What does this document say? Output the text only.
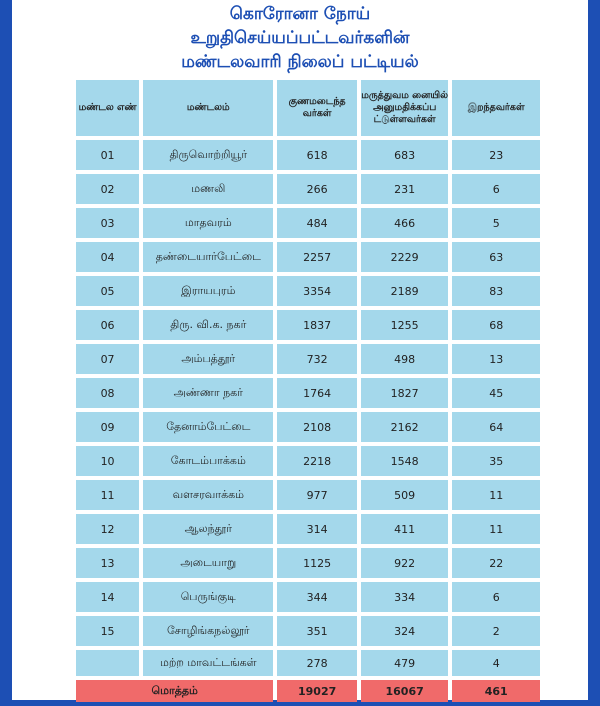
கொரோனா நோய்
உறுதிசெய்யப்பட்டவர்களின்
மண்டலவாரி நிலைப் பட்டியல்
மண்டல எண்	மண்டலம்	குணமடைந்த வர்கள்	மருத்துவம னையில் அனுமதிக்கப்ப ட்டுள்ளவர்கள்	இறந்தவர்கள்
01	திருவொற்றியூர்	618	683	23
02	மணலி	266	231	6
03	மாதவரம்	484	466	5
04	தண்டையார்பேட்டை	2257	2229	63
05	இராயபுரம்	3354	2189	83
06	திரு. வி.க. நகர்	1837	1255	68
07	அம்பத்தூர்	732	498	13
08	அண்ணா நகர்	1764	1827	45
09	தேனாம்பேட்டை	2108	2162	64
10	கோடம்பாக்கம்	2218	1548	35
11	வளசரவாக்கம்	977	509	11
12	ஆலந்தூர்	314	411	11
13	அடையாறு	1125	922	22
14	பெருங்குடி	344	334	6
15	சோழிங்கநல்லூர்	351	324	2
	மற்ற மாவட்டங்கள்	278	479	4
மொத்தம்		19027	16067	461
